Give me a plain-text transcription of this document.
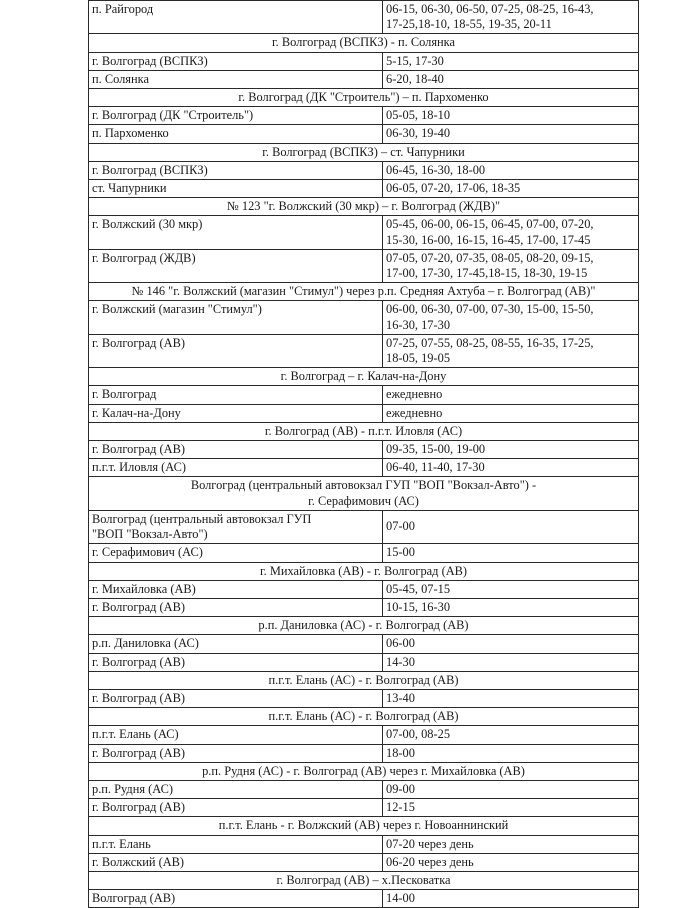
п. Райгород	06-15, 06-30, 06-50, 07-25, 08-25, 16-43,
17-25,18-10, 18-55, 19-35, 20-11
г. Волгоград (ВСПКЗ) - п. Солянка	
г. Волгоград (ВСПКЗ)	5-15, 17-30
п. Солянка	6-20, 18-40
г. Волгоград (ДК "Строитель") – п. Пархоменко	
г. Волгоград (ДК "Строитель")	05-05, 18-10
п. Пархоменко	06-30, 19-40
г. Волгоград (ВСПКЗ) – ст. Чапурники	
г. Волгоград (ВСПКЗ)	06-45, 16-30, 18-00
ст. Чапурники	06-05, 07-20, 17-06, 18-35
№ 123 "г. Волжский (30 мкр) – г. Волгоград (ЖДВ)"	
г. Волжский (30 мкр)	05-45, 06-00, 06-15, 06-45, 07-00, 07-20,
15-30, 16-00, 16-15, 16-45, 17-00, 17-45
г. Волгоград (ЖДВ)	07-05, 07-20, 07-35, 08-05, 08-20, 09-15,
17-00, 17-30, 17-45,18-15, 18-30, 19-15
№ 146 "г. Волжский (магазин "Стимул") через р.п. Средняя Ахтуба – г. Волгоград (АВ)"	
г. Волжский (магазин "Стимул")	06-00, 06-30, 07-00, 07-30, 15-00, 15-50,
16-30, 17-30
г. Волгоград (АВ)	07-25, 07-55, 08-25, 08-55, 16-35, 17-25,
18-05, 19-05
г. Волгоград – г. Калач-на-Дону	
г. Волгоград	ежедневно
г. Калач-на-Дону	ежедневно
г. Волгоград (АВ) - п.г.т. Иловля (АС)	
г. Волгоград (АВ)	09-35, 15-00, 19-00
п.г.т. Иловля (АС)	06-40, 11-40, 17-30
Волгоград (центральный автовокзал ГУП "ВОП "Вокзал-Авто") -
г. Серафимович (АС)	
Волгоград (центральный автовокзал ГУП
"ВОП "Вокзал-Авто")	07-00
г. Серафимович (АС)	15-00
г. Михайловка (АВ) - г. Волгоград (АВ)	
г. Михайловка (АВ)	05-45, 07-15
г. Волгоград (АВ)	10-15, 16-30
р.п. Даниловка (АС) - г. Волгоград (АВ)	
р.п. Даниловка (АС)	06-00
г. Волгоград (АВ)	14-30
п.г.т. Елань (АС) - г. Волгоград (АВ)	
г. Волгоград (АВ)	13-40
п.г.т. Елань (АС) - г. Волгоград (АВ)	
п.г.т. Елань (АС)	07-00, 08-25
г. Волгоград (АВ)	18-00
р.п. Рудня (АС) - г. Волгоград (АВ) через г. Михайловка (АВ)	
р.п. Рудня (АС)	09-00
г. Волгоград (АВ)	12-15
п.г.т. Елань - г. Волжский (АВ) через г. Новоаннинский	
п.г.т. Елань	07-20 через день
г. Волжский (АВ)	06-20 через день
г. Волгоград (АВ) – х.Песковатка	
Волгоград (АВ)	14-00
